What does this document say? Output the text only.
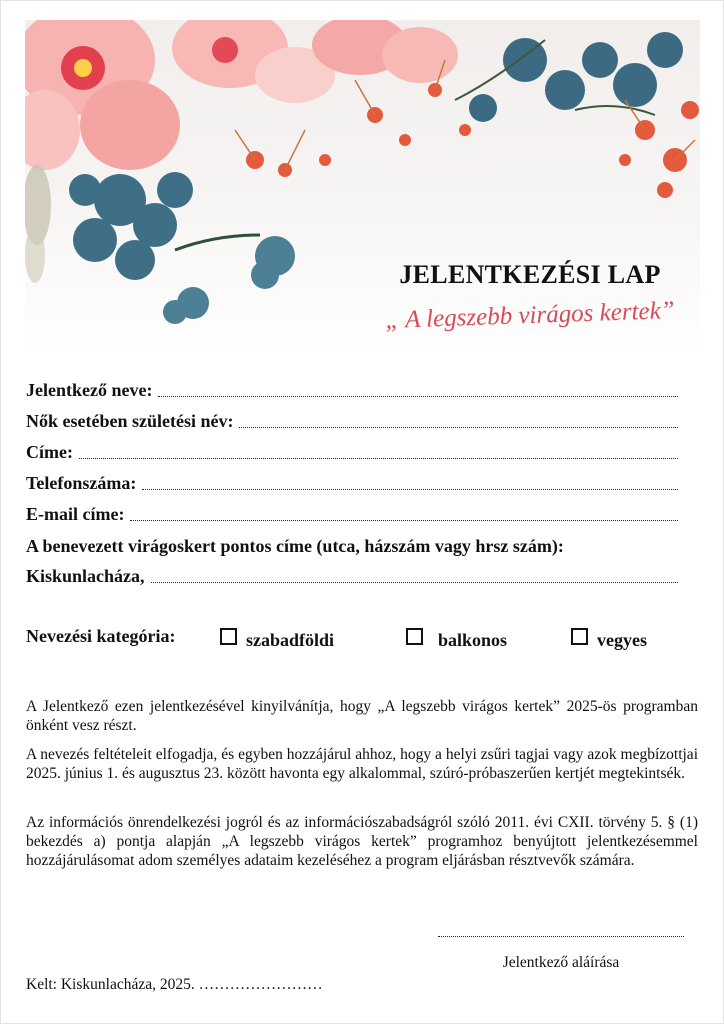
JELENTKEZÉSI LAP
„ A legszebb virágos kertek”
Jelentkező neve:
Nők esetében születési név:
Címe:
Telefonszáma:
E-mail címe:
A benevezett virágoskert pontos címe (utca, házszám vagy hrsz szám):
Kiskunlacháza,
Nevezési kategória:	szabadföldi	balkonos	vegyes
A Jelentkező ezen jelentkezésével kinyilvánítja, hogy „A legszebb virágos kertek” 2025-ös programban önként vesz részt.
A nevezés feltételeit elfogadja, és egyben hozzájárul ahhoz, hogy a helyi zsűri tagjai vagy azok megbízottjai 2025. június 1. és augusztus 23. között havonta egy alkalommal, szúró-próbaszerűen kertjét megtekintsék.
Az információs önrendelkezési jogról és az információszabadságról szóló 2011. évi CXII. törvény 5. § (1) bekezdés a) pontja alapján „A legszebb virágos kertek” programhoz benyújtott jelentkezésemmel hozzájárulásomat adom személyes adataim kezeléséhez a program eljárásban résztvevők számára.
Jelentkező aláírása
Kelt: Kiskunlacháza, 2025. ……………………
